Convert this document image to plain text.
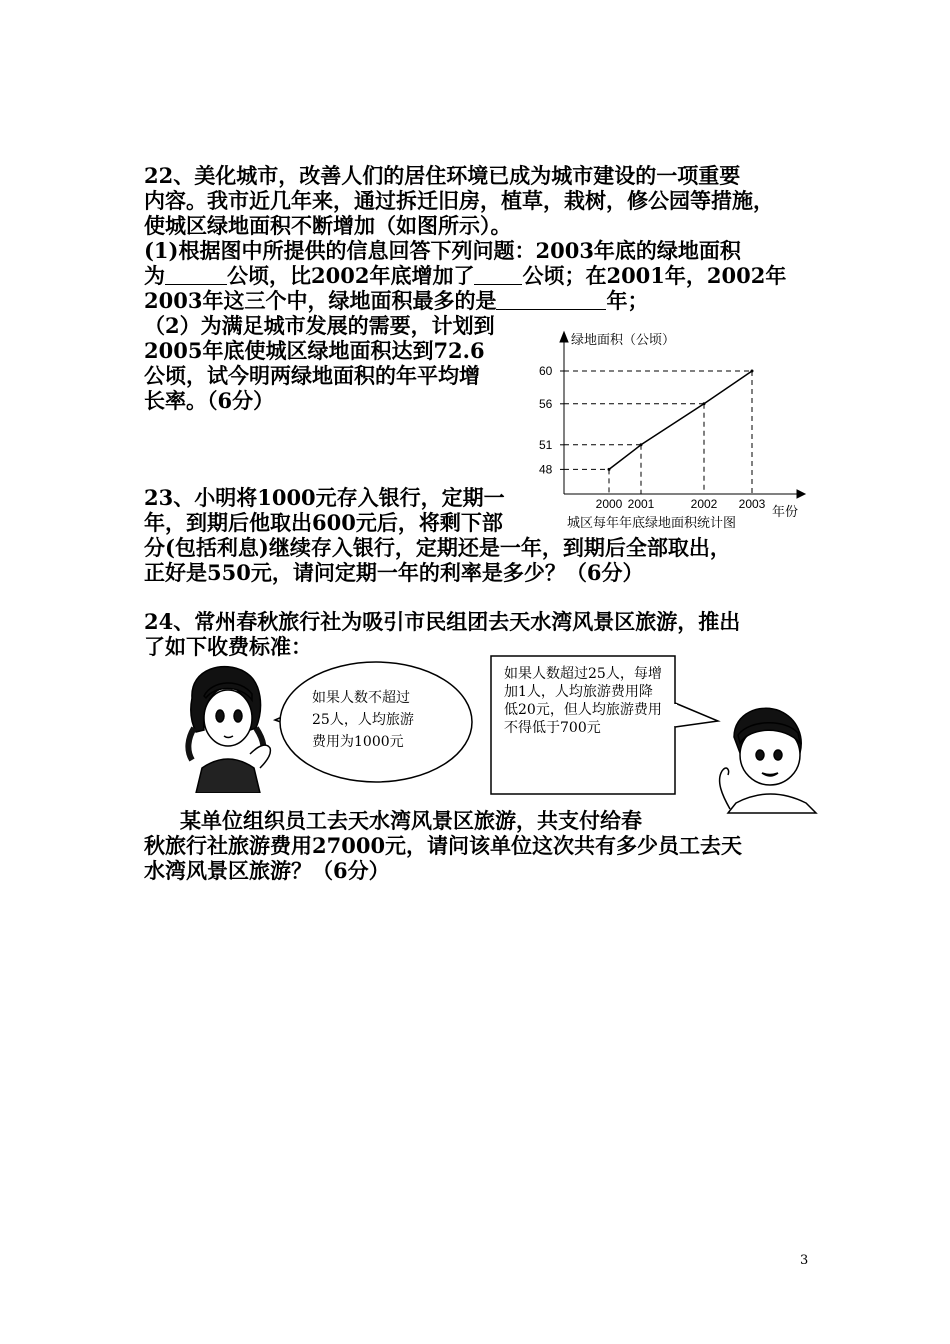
22、美化城市，改善人们的居住环境已成为城市建设的一项重要
内容。我市近几年来，通过拆迁旧房，植草，栽树，修公园等措施，
使城区绿地面积不断增加（如图所示）。
(1)根据图中所提供的信息回答下列问题：2003年底的绿地面积
为	公顷，比2002年底增加了 公顷；在2001年，2002年
2003年这三个中，绿地面积最多的是	年；
（2）为满足城市发展的需要，计划到
2005年底使城区绿地面积达到72.6
公顷，试今明两绿地面积的年平均增
长率。（6分）
48
51
56
60
2000 2001	2002 2003
绿地面积（公顷）
年份
城区每年年底绿地面积统计图
23、小明将1000元存入银行，定期一
年，到期后他取出600元后，将剩下部
分(包括利息)继续存入银行，定期还是一年，到期后全部取出，
正好是550元，请问定期一年的利率是多少？（6分）
24、常州春秋旅行社为吸引市民组团去天水湾风景区旅游，推出
了如下收费标准：
如果人数不超过
25人，人均旅游
费用为1000元
如果人数超过25人，每增加1人，人均旅游费用降低20元，但人均旅游费用不得低于700元
某单位组织员工去天水湾风景区旅游，共支付给春
秋旅行社旅游费用27000元，请问该单位这次共有多少员工去天
水湾风景区旅游？（6分）
3
